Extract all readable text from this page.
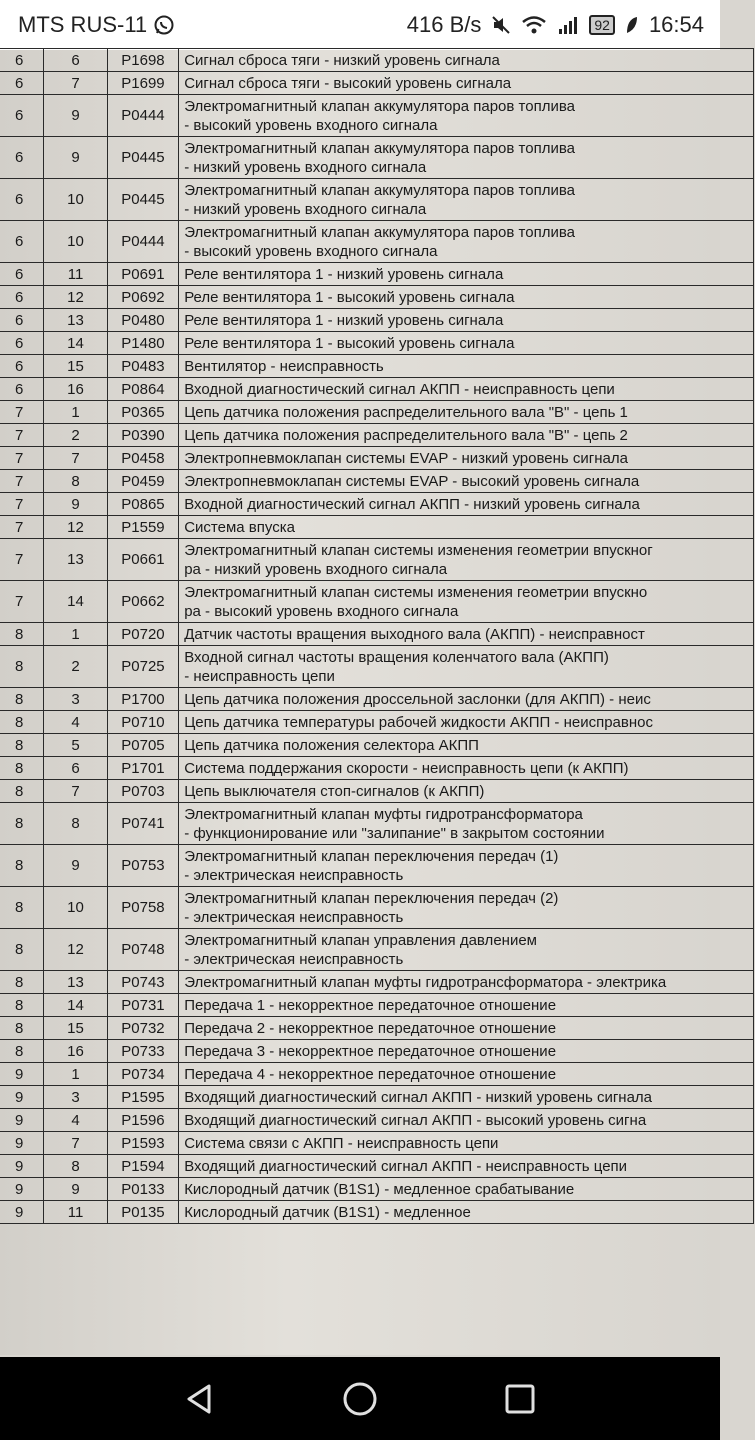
MTS RUS-11	416 B/s	92 16:54
6	6	P1698	Сигнал сброса тяги - низкий уровень сигнала

6	7	P1699	Сигнал сброса тяги - высокий уровень сигнала

6	9	P0444	Электромагнитный клапан аккумулятора паров топлива
- высокий уровень входного сигнала

6	9	P0445	Электромагнитный клапан аккумулятора паров топлива
- низкий уровень входного сигнала

6	10	P0445	Электромагнитный клапан аккумулятора паров топлива
- низкий уровень входного сигнала

6	10	P0444	Электромагнитный клапан аккумулятора паров топлива
- высокий уровень входного сигнала

6	11	P0691	Реле вентилятора 1 - низкий уровень сигнала

6	12	P0692	Реле вентилятора 1 - высокий уровень сигнала

6	13	P0480	Реле вентилятора 1 - низкий уровень сигнала

6	14	P1480	Реле вентилятора 1 - высокий уровень сигнала

6	15	P0483	Вентилятор - неисправность

6	16	P0864	Входной диагностический сигнал АКПП - неисправность цепи

7	1	P0365	Цепь датчика положения распределительного вала "В" - цепь 1

7	2	P0390	Цепь датчика положения распределительного вала "В" - цепь 2

7	7	P0458	Электропневмоклапан системы EVAP - низкий уровень сигнала

7	8	P0459	Электропневмоклапан системы EVAP - высокий уровень сигнала

7	9	P0865	Входной диагностический сигнал АКПП - низкий уровень сигнала

7	12	P1559	Система впуска

7	13	P0661	Электромагнитный клапан системы изменения геометрии впускног
ра - низкий уровень входного сигнала

7	14	P0662	Электромагнитный клапан системы изменения геометрии впускно
ра - высокий уровень входного сигнала

8	1	P0720	Датчик частоты вращения выходного вала (АКПП) - неисправност

8	2	P0725	Входной сигнал частоты вращения коленчатого вала (АКПП)
- неисправность цепи

8	3	P1700	Цепь датчика положения дроссельной заслонки (для АКПП) - неис

8	4	P0710	Цепь датчика температуры рабочей жидкости АКПП - неисправнос

8	5	P0705	Цепь датчика положения селектора АКПП

8	6	P1701	Система поддержания скорости - неисправность цепи (к АКПП)

8	7	P0703	Цепь выключателя стоп-сигналов (к АКПП)

8	8	P0741	Электромагнитный клапан муфты гидротрансформатора
- функционирование или "залипание" в закрытом состоянии

8	9	P0753	Электромагнитный клапан переключения передач (1)
- электрическая неисправность

8	10	P0758	Электромагнитный клапан переключения передач (2)
- электрическая неисправность

8	12	P0748	Электромагнитный клапан управления давлением
- электрическая неисправность

8	13	P0743	Электромагнитный клапан муфты гидротрансформатора - электрика

8	14	P0731	Передача 1 - некорректное передаточное отношение

8	15	P0732	Передача 2 - некорректное передаточное отношение

8	16	P0733	Передача 3 - некорректное передаточное отношение

9	1	P0734	Передача 4 - некорректное передаточное отношение

9	3	P1595	Входящий диагностический сигнал АКПП - низкий уровень сигнала

9	4	P1596	Входящий диагностический сигнал АКПП - высокий уровень сигна

9	7	P1593	Система связи с АКПП - неисправность цепи

9	8	P1594	Входящий диагностический сигнал АКПП - неисправность цепи

9	9	P0133	Кислородный датчик (B1S1) - медленное срабатывание

9	11	P0135	Кислородный датчик (B1S1) - медленное
